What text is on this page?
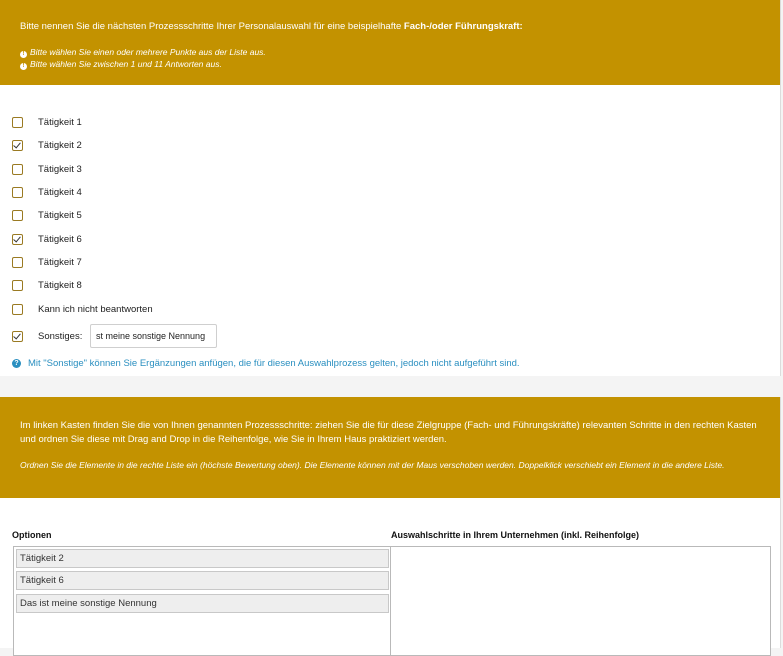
Bitte nennen Sie die nächsten Prozessschritte Ihrer Personalauswahl für eine beispielhafte Fach-/oder Führungskraft:
! Bitte wählen Sie einen oder mehrere Punkte aus der Liste aus.
! Bitte wählen Sie zwischen 1 und 11 Antworten aus.
Tätigkeit 1
Tätigkeit 2
Tätigkeit 3
Tätigkeit 4
Tätigkeit 5
Tätigkeit 6
Tätigkeit 7
Tätigkeit 8
Kann ich nicht beantworten
Sonstiges:	st meine sonstige Nennung
? Mit "Sonstige" können Sie Ergänzungen anfügen, die für diesen Auswahlprozess gelten, jedoch nicht aufgeführt sind.
Im linken Kasten finden Sie die von Ihnen genannten Prozessschritte: ziehen Sie die für diese Zielgruppe (Fach- und Führungskräfte) relevanten Schritte in den rechten Kasten und ordnen Sie diese mit Drag and Drop in die Reihenfolge, wie Sie in Ihrem Haus praktiziert werden.
Ordnen Sie die Elemente in die rechte Liste ein (höchste Bewertung oben). Die Elemente können mit der Maus verschoben werden. Doppelklick verschiebt ein Element in die andere Liste.
Optionen	Auswahlschritte in Ihrem Unternehmen (inkl. Reihenfolge)
Tätigkeit 2
Tätigkeit 6
Das ist meine sonstige Nennung
